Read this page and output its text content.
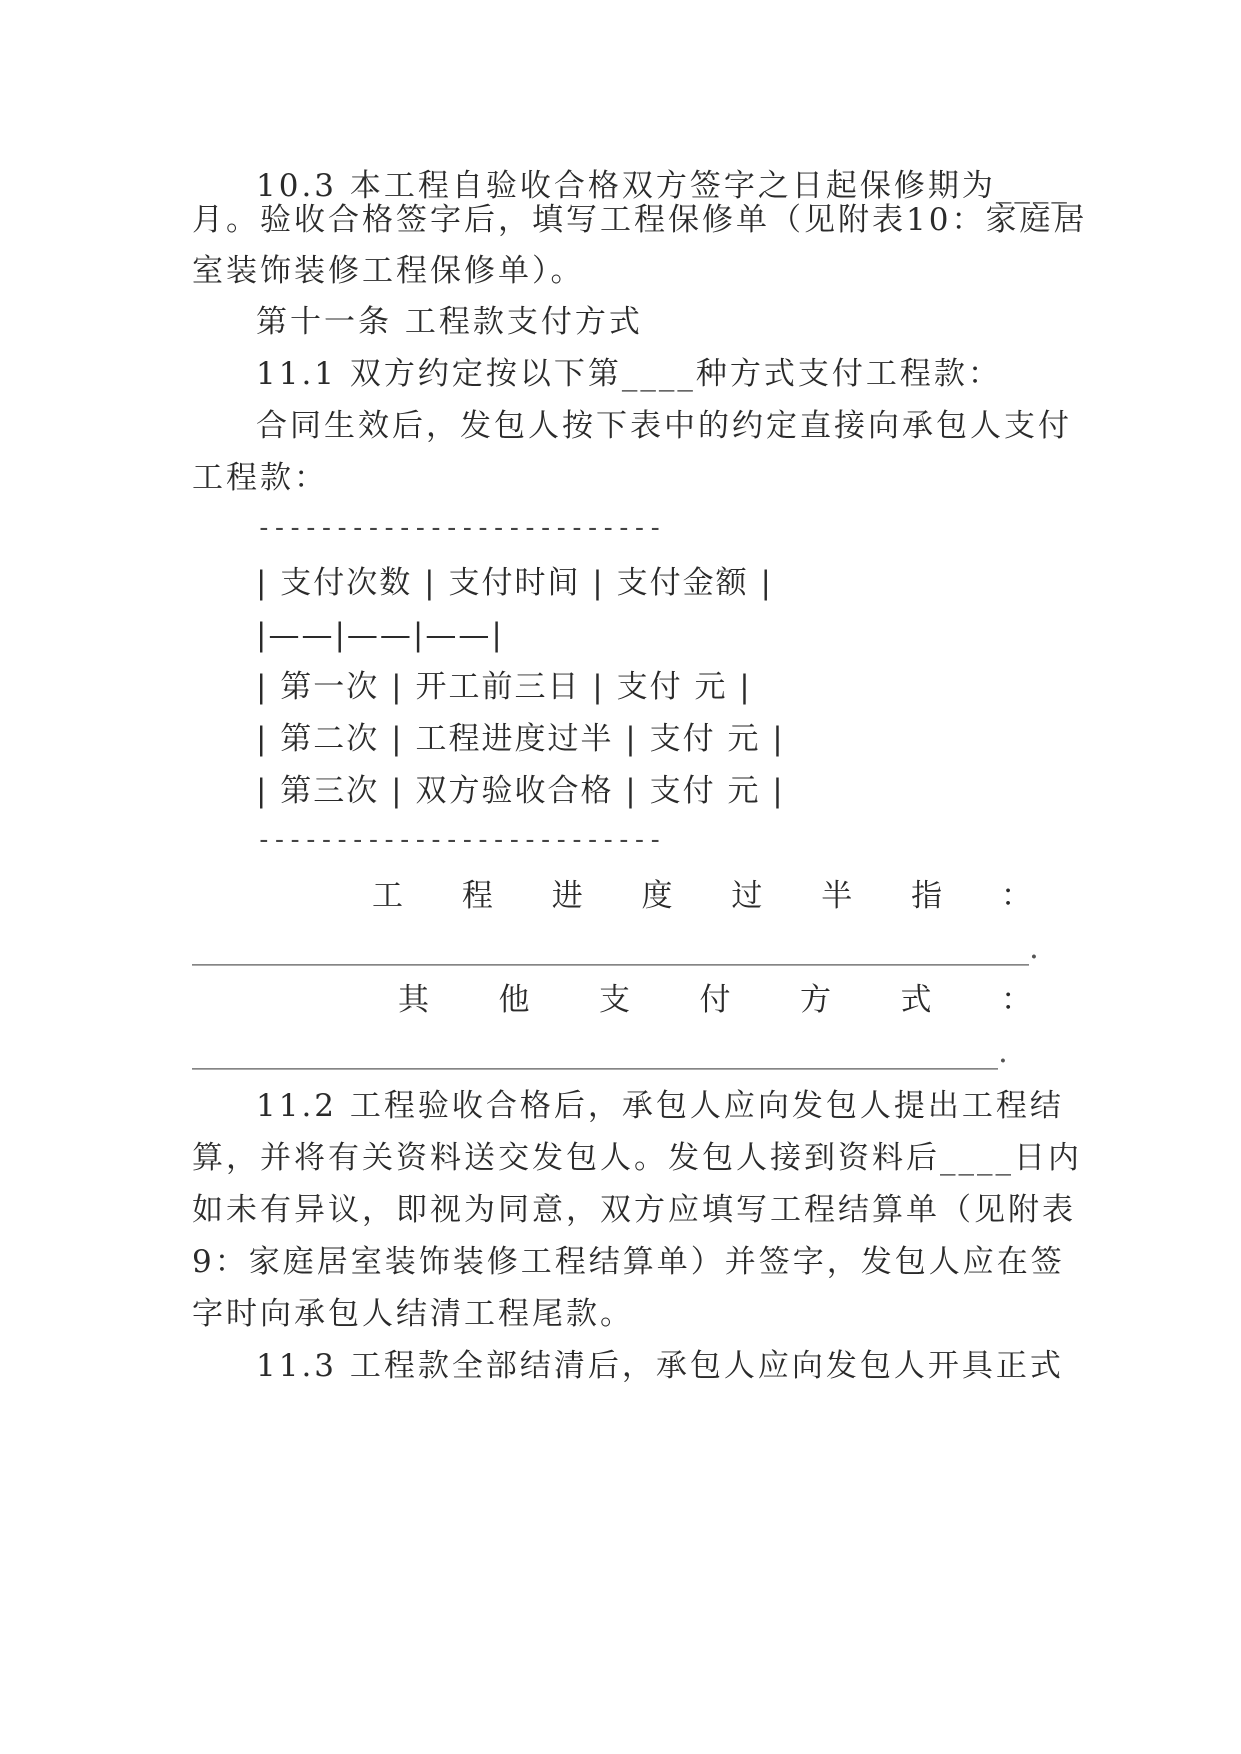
10.3 本工程自验收合格双方签字之日起保修期为____
月。验收合格签字后，填写工程保修单（见附表10：家庭居
室装饰装修工程保修单）。
第十一条 工程款支付方式
11.1 双方约定按以下第____种方式支付工程款：
合同生效后，发包人按下表中的约定直接向承包人支付
工程款：
--------------------------
| 支付次数 | 支付时间 | 支付金额 |
|——|——|——|
| 第一次 | 开工前三日 | 支付 元 |
| 第二次 | 工程进度过半 | 支付 元 |
| 第三次 | 双方验收合格 | 支付 元 |
--------------------------
工 程 进 度 过 半 指 ：
______________________________________________________.
其 他 支 付 方 式 ：
____________________________________________________.
11.2 工程验收合格后，承包人应向发包人提出工程结
算，并将有关资料送交发包人。发包人接到资料后____日内
如未有异议，即视为同意，双方应填写工程结算单（见附表
9：家庭居室装饰装修工程结算单）并签字，发包人应在签
字时向承包人结清工程尾款。
11.3 工程款全部结清后，承包人应向发包人开具正式
